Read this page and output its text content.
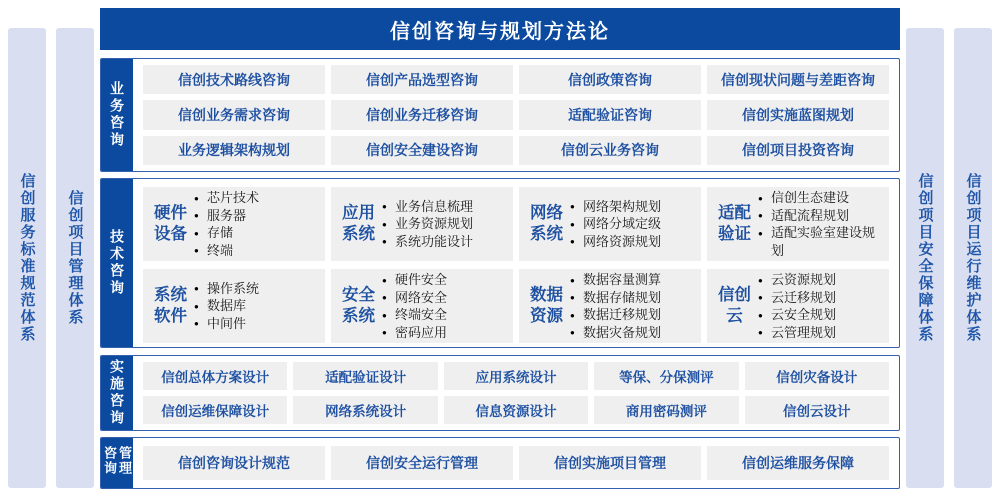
信创服务标准规范体系 信创项目管理体系	信创项目安全保障体系 信创项目运行维护体系
信创咨询与规划方法论
业务咨询
信创技术路线咨询	信创产品选型咨询	信创政策咨询	信创现状问题与差距咨询
信创业务需求咨询	信创业务迁移咨询	适配验证咨询	信创实施蓝图规划
业务逻辑架构规划	信创安全建设咨询	信创云业务咨询	信创项目投资咨询
技术咨询
硬件设备
● 芯片技术
● 服务器
● 存储
● 终端
应用系统
● 业务信息梳理
● 业务资源规划
● 系统功能设计
网络系统
● 网络架构规划
● 网络分域定级
● 网络资源规划
适配验证
● 信创生态建设
● 适配流程规划
● 适配实验室建设规划
系统软件
● 操作系统
● 数据库
● 中间件
安全系统
● 硬件安全
● 网络安全
● 终端安全
● 密码应用
数据资源
● 数据容量测算
● 数据存储规划
● 数据迁移规划
● 数据灾备规划
信创云
● 云资源规划
● 云迁移规划
● 云安全规划
● 云管理规划
实施咨询	信创总体方案设计	适配验证设计	应用系统设计	等保、分保测评	信创灾备设计
信创运维保障设计	网络系统设计	信息资源设计	商用密码测评	信创云设计
咨询管理	信创咨询设计规范	信创安全运行管理	信创实施项目管理	信创运维服务保障
